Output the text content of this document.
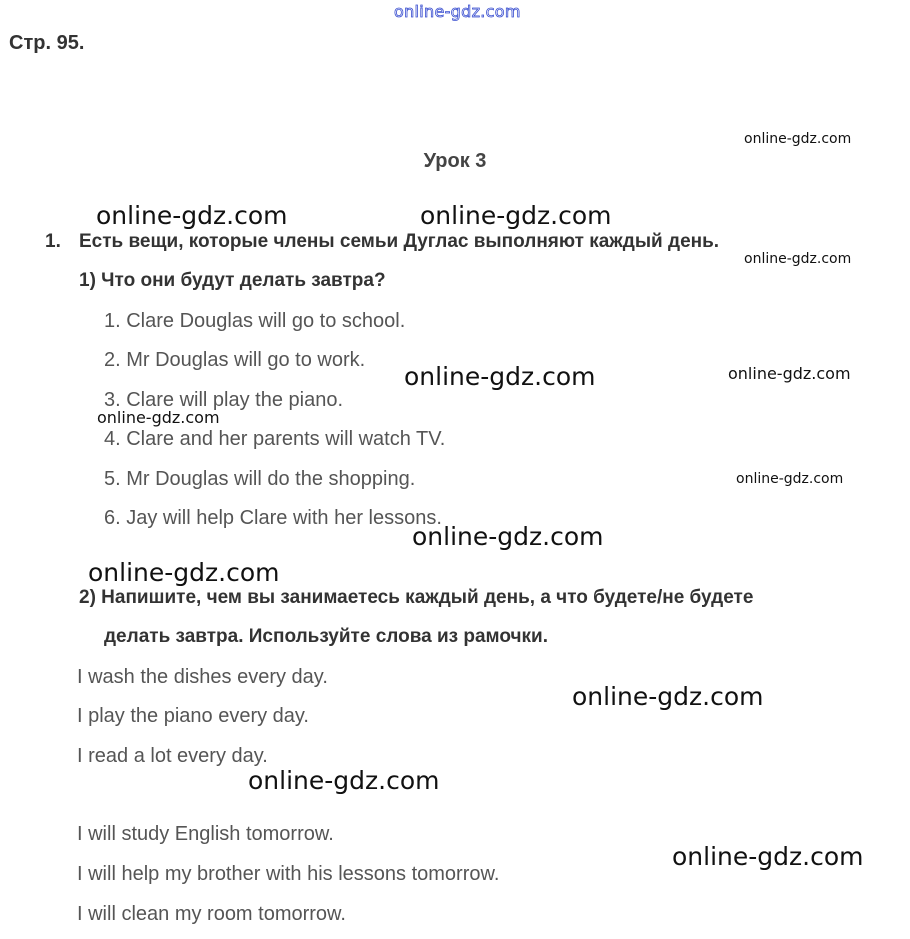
online-gdz.com
Стр. 95.
Урок 3
1. Есть вещи, которые члены семьи Дуглас выполняют каждый день.
1) Что они будут делать завтра?
1. Clare Douglas will go to school.
2. Mr Douglas will go to work.
3. Clare will play the piano.
4. Clare and her parents will watch TV.
5. Mr Douglas will do the shopping.
6. Jay will help Clare with her lessons.
2) Напишите, чем вы занимаетесь каждый день, а что будете/не будете
делать завтра. Используйте слова из рамочки.
I wash the dishes every day.
I play the piano every day.
I read a lot every day.
I will study English tomorrow.
I will help my brother with his lessons tomorrow.
I will clean my room tomorrow.
online-gdz.com
online-gdz.com	online-gdz.com
online-gdz.com
online-gdz.com	online-gdz.com
online-gdz.com
online-gdz.com
online-gdz.com
online-gdz.com
online-gdz.com
online-gdz.com
online-gdz.com
